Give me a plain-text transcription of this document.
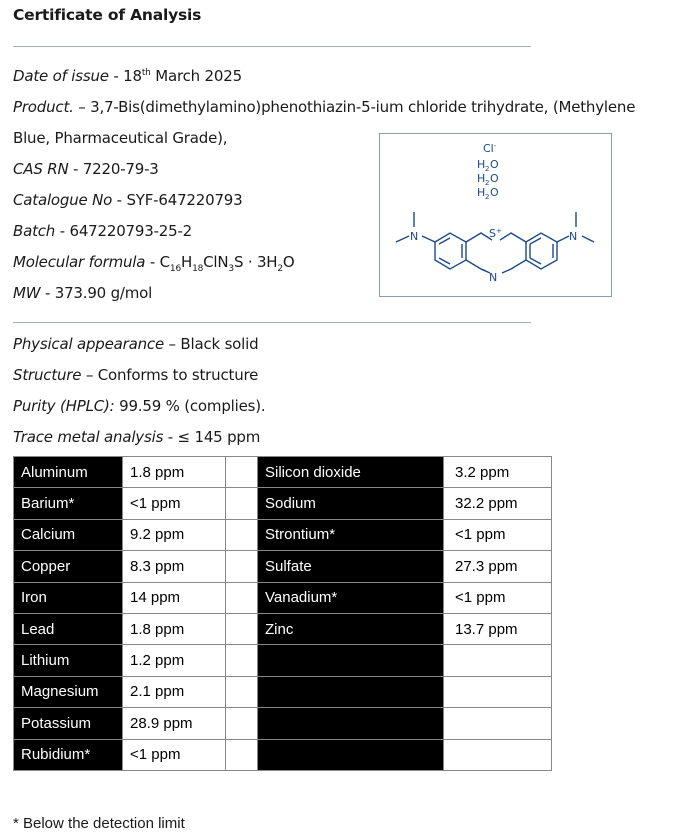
Certificate of Analysis
Date of issue - 18th March 2025
Product. – 3,7-Bis(dimethylamino)phenothiazin-5-ium chloride trihydrate, (Methylene
Blue, Pharmaceutical Grade),
CAS RN - 7220-79-3
Catalogue No - SYF-647220793
Batch - 647220793-25-2
Molecular formula - $C_{16}H_{18}ClN_3S \cdot 3H_2O$
MW - 373.90 g/mol
Cl-
H 2 O
H 2 O
H 2 O
S+
N
N	N
Physical appearance – Black solid
Structure – Conforms to structure
Purity (HPLC): 99.59 % (complies).
Trace metal analysis - ≤ 145 ppm
Aluminum	1.8 ppm		Silicon dioxide	3.2 ppm
Barium*	<1 ppm		Sodium	32.2 ppm
Calcium	9.2 ppm		Strontium*	<1 ppm
Copper	8.3 ppm		Sulfate	27.3 ppm
Iron	14 ppm		Vanadium*	<1 ppm
Lead	1.8 ppm		Zinc	13.7 ppm
Lithium	1.2 ppm			
Magnesium	2.1 ppm			
Potassium	28.9 ppm			
Rubidium*	<1 ppm			
* Below the detection limit
